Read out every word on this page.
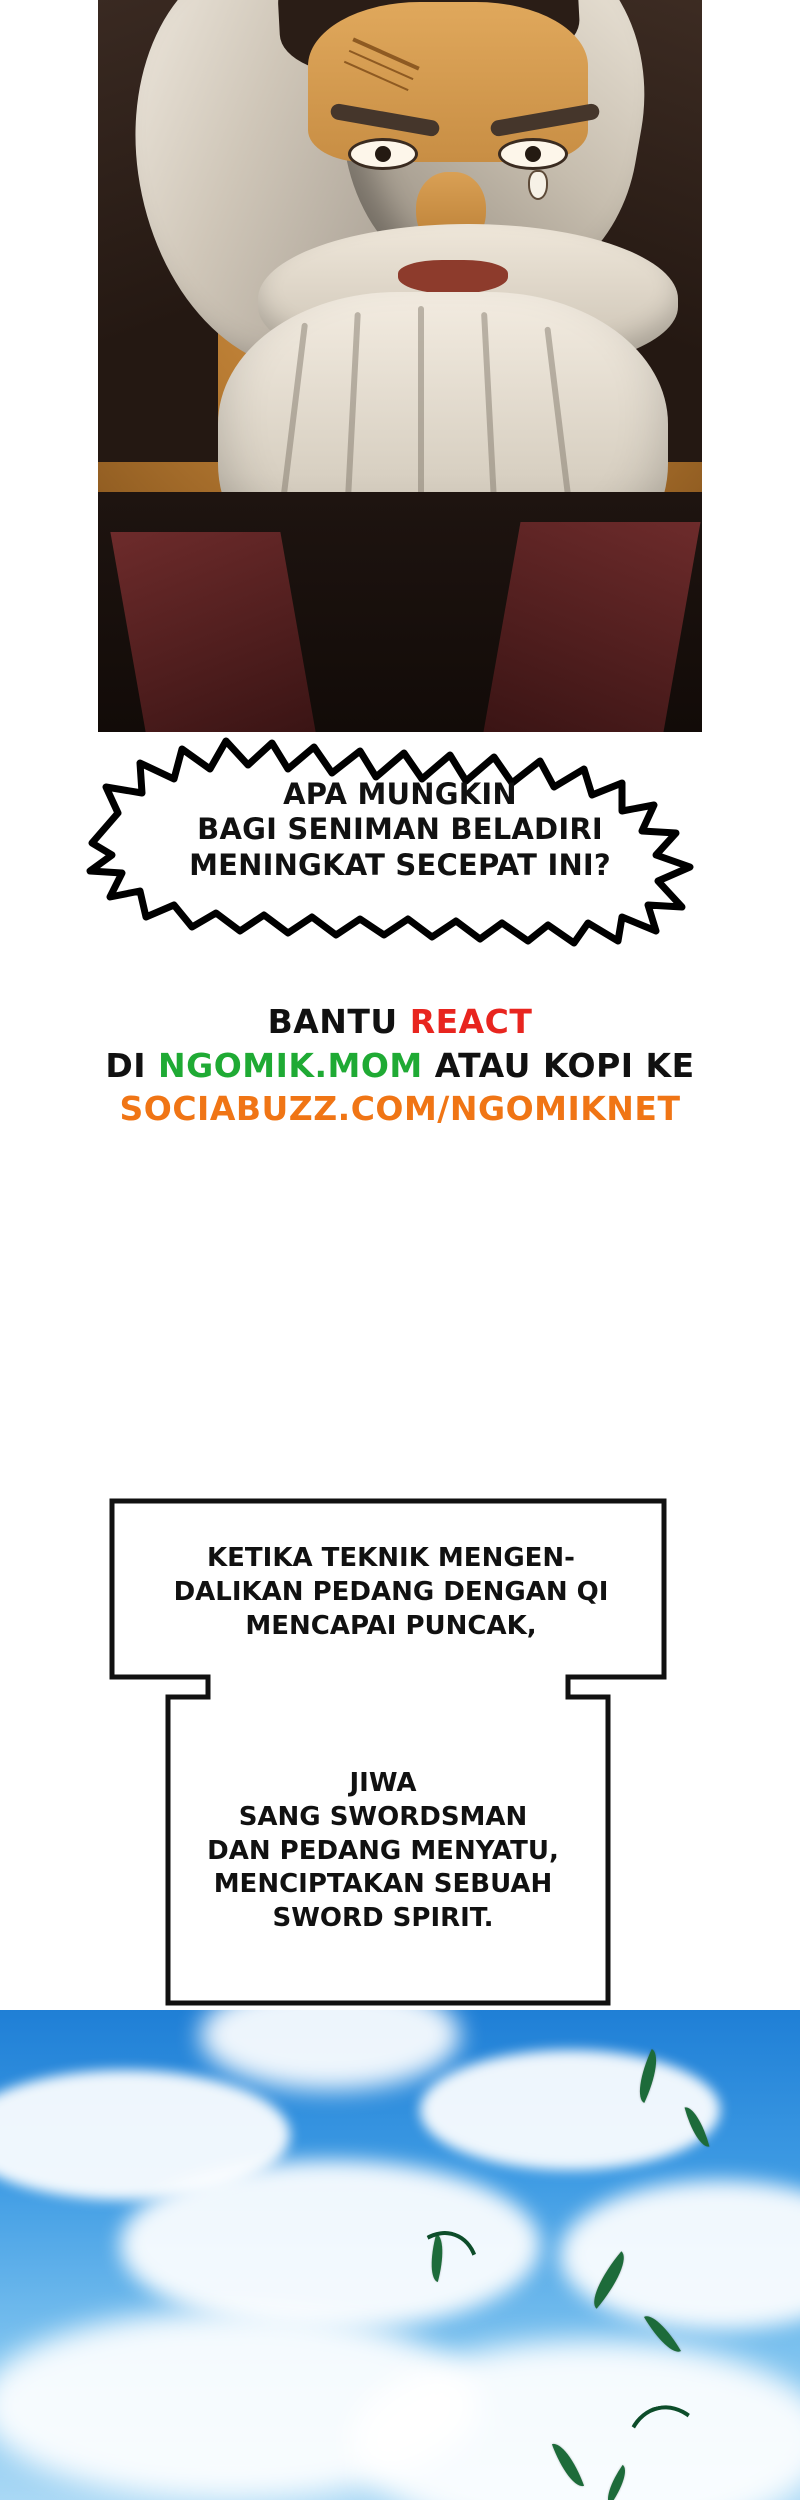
APA MUNGKIN
BAGI SENIMAN BELADIRI
MENINGKAT SECEPAT INI?
BANTU REACT
DI NGOMIK.MOM ATAU KOPI KE
SOCIABUZZ.COM/NGOMIKNET
KETIKA TEKNIK MENGEN-
DALIKAN PEDANG DENGAN QI
MENCAPAI PUNCAK,
JIWA
SANG SWORDSMAN
DAN PEDANG MENYATU,
MENCIPTAKAN SEBUAH
SWORD SPIRIT.
